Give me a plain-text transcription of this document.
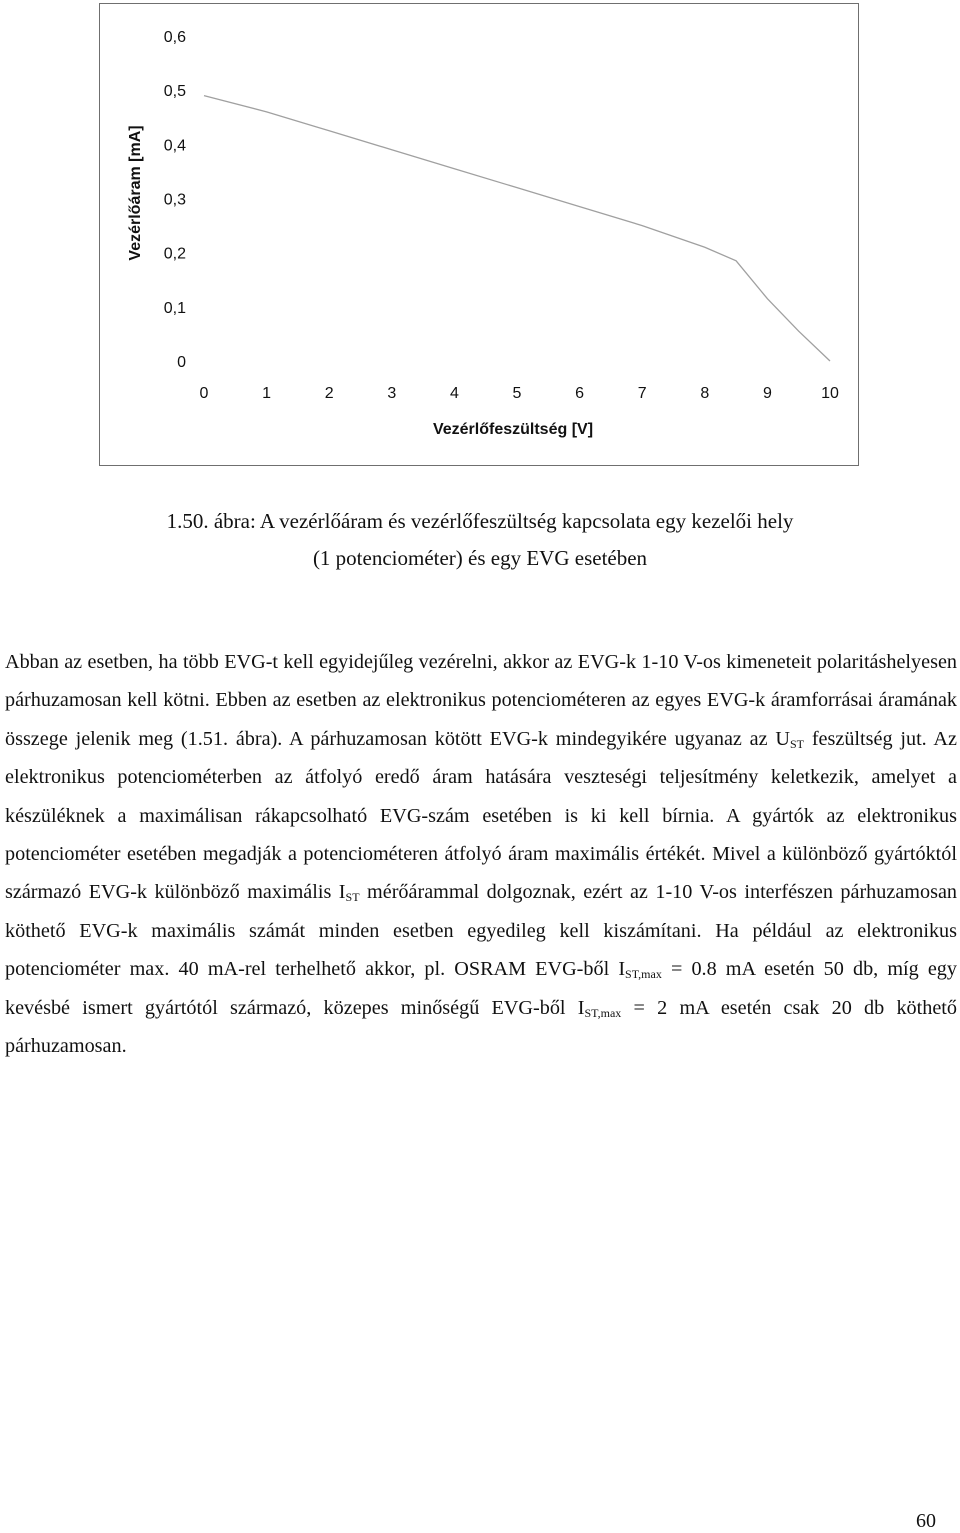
0
0,1
0,2
0,3
0,4
0,5
0,6
0	1	2	3	4	5	6	7	8	9	10
Vezérlőfeszültség [V]
Vezérlőáram [mA]
1.50. ábra: A vezérlőáram és vezérlőfeszültség kapcsolata egy kezelői hely
(1 potenciométer) és egy EVG esetében
Abban az esetben, ha több EVG-t kell egyidejűleg vezérelni, akkor az EVG-k 1-10 V-os kimeneteit polaritáshelyesen párhuzamosan kell kötni. Ebben az esetben az elektronikus potenciométeren az egyes EVG-k áramforrásai áramának összege jelenik meg (1.51. ábra). A párhuzamosan kötött EVG-k mindegyikére ugyanaz az $U_{ST}$ feszültség jut. Az elektronikus potenciométerben az átfolyó eredő áram hatására veszteségi teljesítmény keletkezik, amelyet a készüléknek a maximálisan rákapcsolható EVG-szám esetében is ki kell bírnia. A gyártók az elektronikus potenciométer esetében megadják a potenciométeren átfolyó áram maximális értékét. Mivel a különböző gyártóktól származó EVG-k különböző maximális $I_{ST}$ mérőárammal dolgoznak, ezért az 1-10 V-os interfészen párhuzamosan köthető EVG-k maximális számát minden esetben egyedileg kell kiszámítani. Ha például az elektronikus potenciométer max. 40 mA-rel terhelhető akkor, pl. OSRAM EVG-ből $I_{ST,max} = 0.8$ mA esetén 50 db, míg egy kevésbé ismert gyártótól származó, közepes minőségű EVG-ből $I_{ST,max} = 2$ mA esetén csak 20 db köthető párhuzamosan.
60
